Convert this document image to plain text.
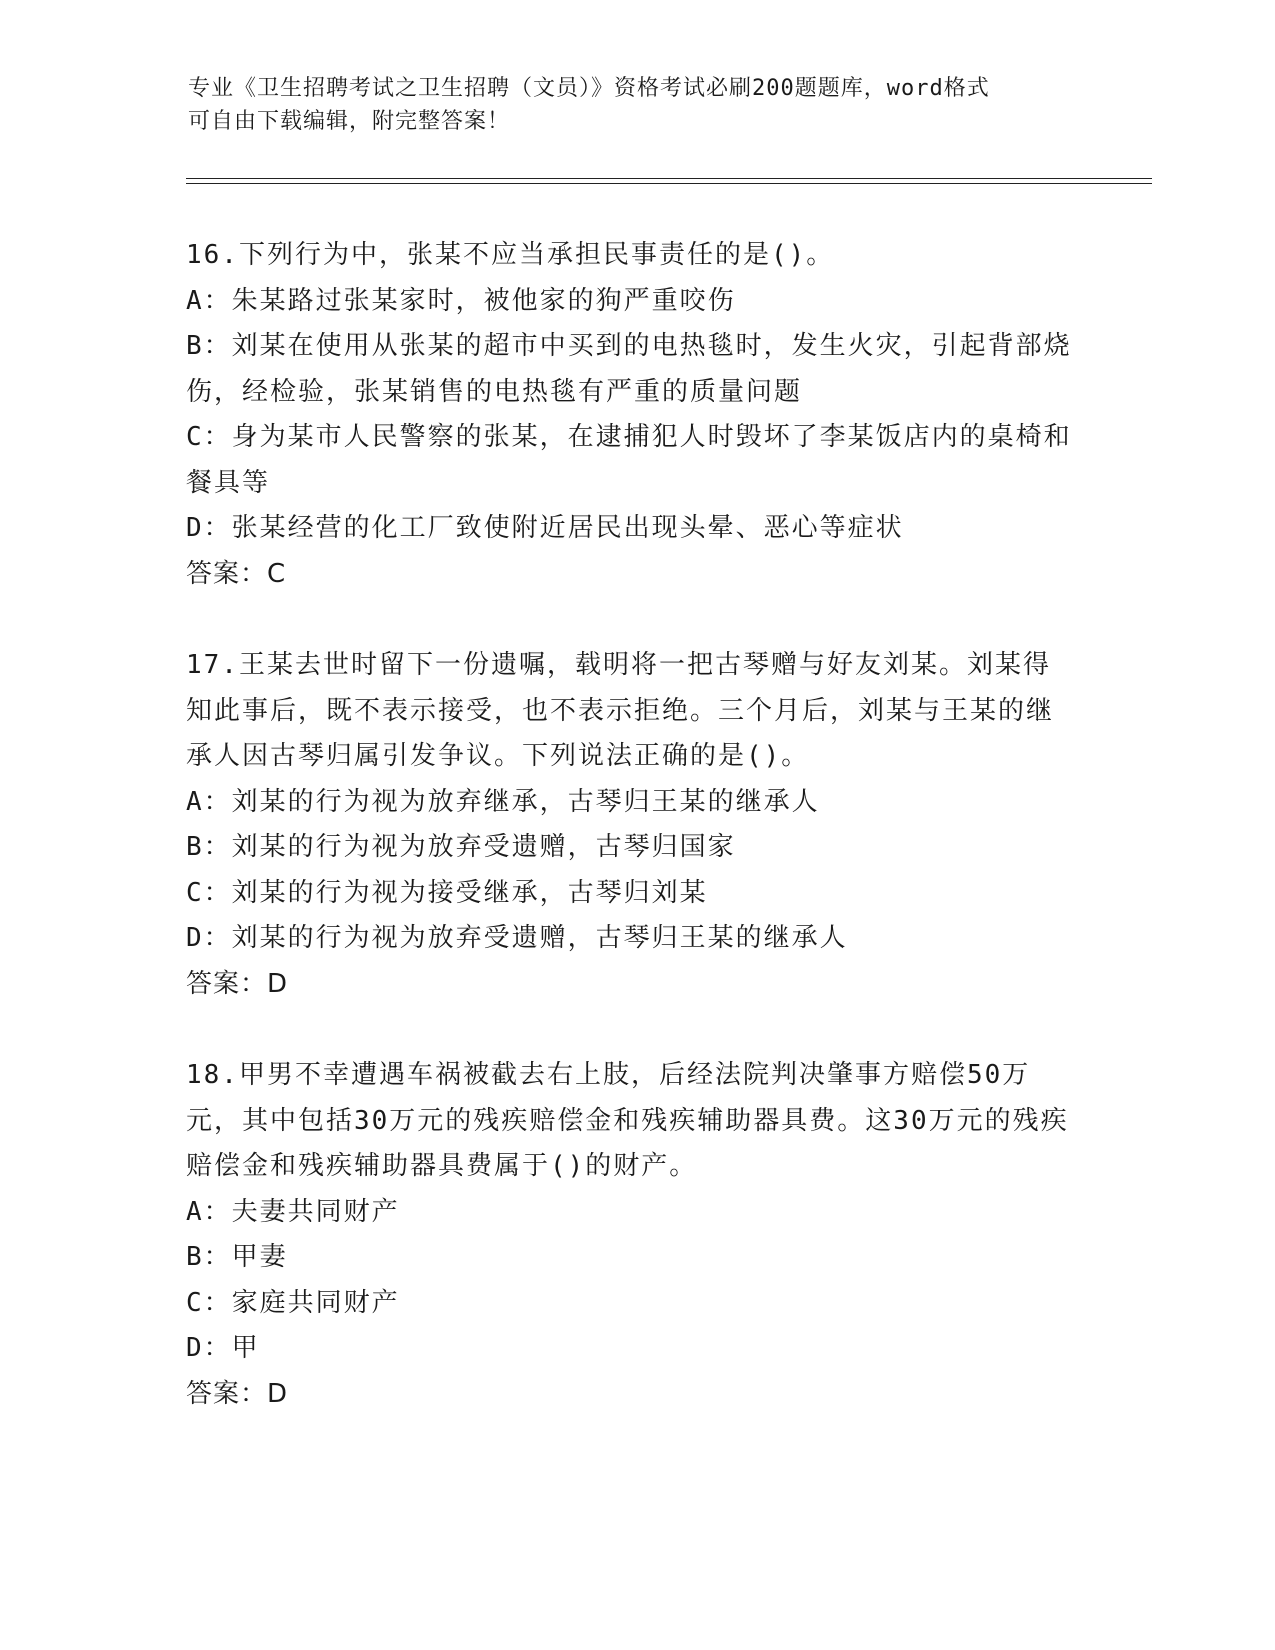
专业《卫生招聘考试之卫生招聘（文员）》资格考试必刷200题题库，word格式
可自由下载编辑，附完整答案！

16.下列行为中，张某不应当承担民事责任的是()。

A：朱某路过张某家时，被他家的狗严重咬伤

B：刘某在使用从张某的超市中买到的电热毯时，发生火灾，引起背部烧伤，经检验，张某销售的电热毯有严重的质量问题

C：身为某市人民警察的张某，在逮捕犯人时毁坏了李某饭店内的桌椅和餐具等

D：张某经营的化工厂致使附近居民出现头晕、恶心等症状

答案：C

17.王某去世时留下一份遗嘱，载明将一把古琴赠与好友刘某。刘某得知此事后，既不表示接受，也不表示拒绝。三个月后，刘某与王某的继承人因古琴归属引发争议。下列说法正确的是()。

A：刘某的行为视为放弃继承，古琴归王某的继承人

B：刘某的行为视为放弃受遗赠，古琴归国家

C：刘某的行为视为接受继承，古琴归刘某

D：刘某的行为视为放弃受遗赠，古琴归王某的继承人

答案：D

18.甲男不幸遭遇车祸被截去右上肢，后经法院判决肇事方赔偿50万元，其中包括30万元的残疾赔偿金和残疾辅助器具费。这30万元的残疾赔偿金和残疾辅助器具费属于()的财产。

A：夫妻共同财产

B：甲妻

C：家庭共同财产

D：甲

答案：D
